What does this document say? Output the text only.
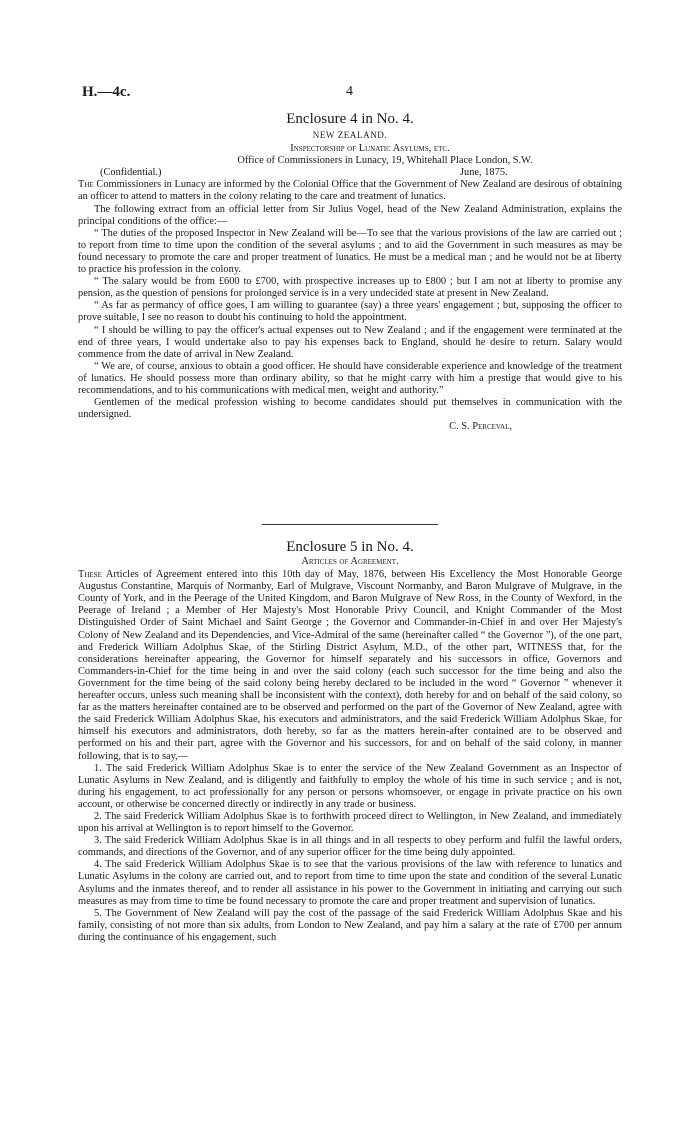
H.—4c.	4
Enclosure 4 in No. 4.
NEW ZEALAND.
Inspectorship of Lunatic Asylums, etc.
Office of Commissioners in Lunacy, 19, Whitehall Place London, S.W.
(Confidential.)	June, 1875.

The Commissioners in Lunacy are informed by the Colonial Office that the Government of New Zealand are desirous of obtaining an officer to attend to matters in the colony relating to the care and treatment of lunatics.

The following extract from an official letter from Sir Julius Vogel, head of the New Zealand Administration, explains the principal conditions of the office:—

“ The duties of the proposed Inspector in New Zealand will be—To see that the various provisions of the law are carried out ; to report from time to time upon the condition of the several asylums ; and to aid the Government in such measures as may be found necessary to promote the care and proper treatment of lunatics. He must be a medical man ; and he would not be at liberty to practice his profession in the colony.

“ The salary would be from £600 to £700, with prospective increases up to £800 ; but I am not at liberty to promise any pension, as the question of pensions for prolonged service is in a very undecided state at present in New Zealand.

“ As far as permancy of office goes, I am willing to guarantee (say) a three years' engagement ; but, supposing the officer to prove suitable, I see no reason to doubt his continuing to hold the appointment.

“ I should be willing to pay the officer's actual expenses out to New Zealand ; and if the engagement were terminated at the end of three years, I would undertake also to pay his expenses back to England, should he desire to return. Salary would commence from the date of arrival in New Zealand.

“ We are, of course, anxious to obtain a good officer. He should have considerable experience and knowledge of the treatment of lunatics. He should possess more than ordinary ability, so that he might carry with him a prestige that would give to his recommendations, and to his communications with medical men, weight and authority.”

Gentlemen of the medical profession wishing to become candidates should put themselves in communication with the undersigned.

C. S. Perceval,
Enclosure 5 in No. 4.
Articles of Agreement.

These Articles of Agreement entered into this 10th day of May, 1876, between His Excellency the Most Honorable George Augustus Constantine, Marquis of Normanby, Earl of Mulgrave, Viscount Normanby, and Baron Mulgrave of Mulgrave, in the County of York, and in the Peerage of the United Kingdom, and Baron Mulgrave of New Ross, in the County of Wexford, in the Peerage of Ireland ; a Member of Her Majesty's Most Honorable Privy Council, and Knight Commander of the Most Distinguished Order of Saint Michael and Saint George ; the Governor and Commander-in-Chief in and over Her Majesty's Colony of New Zealand and its Dependencies, and Vice-Admiral of the same (hereinafter called “ the Governor ”), of the one part, and Frederick William Adolphus Skae, of the Stirling District Asylum, M.D., of the other part, WITNESS that, for the considerations hereinafter appearing, the Governor for himself separately and his successors in office, Governors and Commanders-in-Chief for the time being in and over the said colony (each such successor for the time being and also the Government for the time being of the said colony being hereby declared to be included in the word “ Governor ” whenever it hereafter occurs, unless such meaning shall be inconsistent with the context), doth hereby for and on behalf of the said colony, so far as the matters hereinafter contained are to be observed and performed on the part of the Governor of New Zealand, agree with the said Frederick William Adolphus Skae, his executors and administrators, and the said Frederick William Adolphus Skae, for himself his executors and administrators, doth hereby, so far as the matters herein-after contained are to be observed and performed on his and their part, agree with the Governor and his successors, for and on behalf of the said colony, in manner following, that is to say,—

1. The said Frederick William Adolphus Skae is to enter the service of the New Zealand Government as an Inspector of Lunatic Asylums in New Zealand, and is diligently and faithfully to employ the whole of his time in such service ; and is not, during his engagement, to act professionally for any person or persons whomsoever, or engage in private practice on his own account, or otherwise be concerned directly or indirectly in any trade or business.

2. The said Frederick William Adolphus Skae is to forthwith proceed direct to Wellington, in New Zealand, and immediately upon his arrival at Wellington is to report himself to the Governor.

3. The said Frederick William Adolphus Skae is in all things and in all respects to obey perform and fulfil the lawful orders, commands, and directions of the Governor, and of any superior officer for the time being duly appointed.

4. The said Frederick William Adolphus Skae is to see that the various provisions of the law with reference to lunatics and Lunatic Asylums in the colony are carried out, and to report from time to time upon the state and condition of the several Lunatic Asylums and the inmates thereof, and to render all assistance in his power to the Government in initiating and carrying out such measures as may from time to time be found necessary to promote the care and proper treatment and supervision of lunatics.

5. The Government of New Zealand will pay the cost of the passage of the said Frederick William Adolphus Skae and his family, consisting of not more than six adults, from London to New Zealand, and pay him a salary at the rate of £700 per annum during the continuance of his engagement, such
